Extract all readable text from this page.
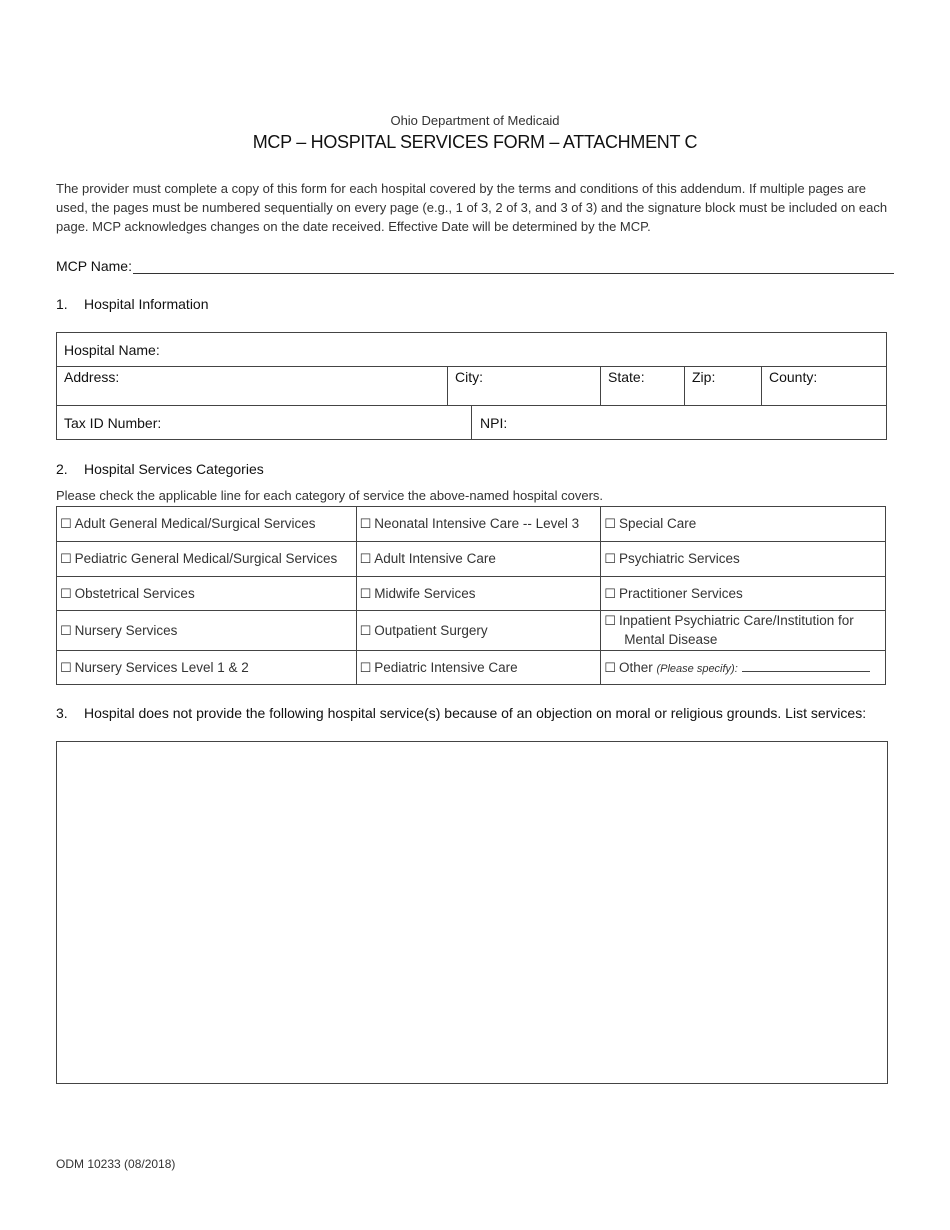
Ohio Department of Medicaid
MCP – HOSPITAL SERVICES FORM – ATTACHMENT C
The provider must complete a copy of this form for each hospital covered by the terms and conditions of this addendum. If multiple pages are used, the pages must be numbered sequentially on every page (e.g., 1 of 3, 2 of 3, and 3 of 3) and the signature block must be included on each page. MCP acknowledges changes on the date received. Effective Date will be determined by the MCP.
MCP Name:
1. Hospital Information
Hospital Name:
Address:	City:	State:	Zip:	County:
Tax ID Number:	NPI:
2. Hospital Services Categories
Please check the applicable line for each category of service the above-named hospital covers.
☐ Adult General Medical/Surgical Services	☐ Neonatal Intensive Care -- Level 3	☐ Special Care
☐ Pediatric General Medical/Surgical Services	☐ Adult Intensive Care	☐ Psychiatric Services
☐ Obstetrical Services	☐ Midwife Services	☐ Practitioner Services
☐ Nursery Services	☐ Outpatient Surgery	☐ Inpatient Psychiatric Care/Institution for
Mental Disease
☐ Nursery Services Level 1 & 2	☐ Pediatric Intensive Care	☐ Other (Please specify):
3. Hospital does not provide the following hospital service(s) because of an objection on moral or religious grounds. List services:
ODM 10233 (08/2018)
